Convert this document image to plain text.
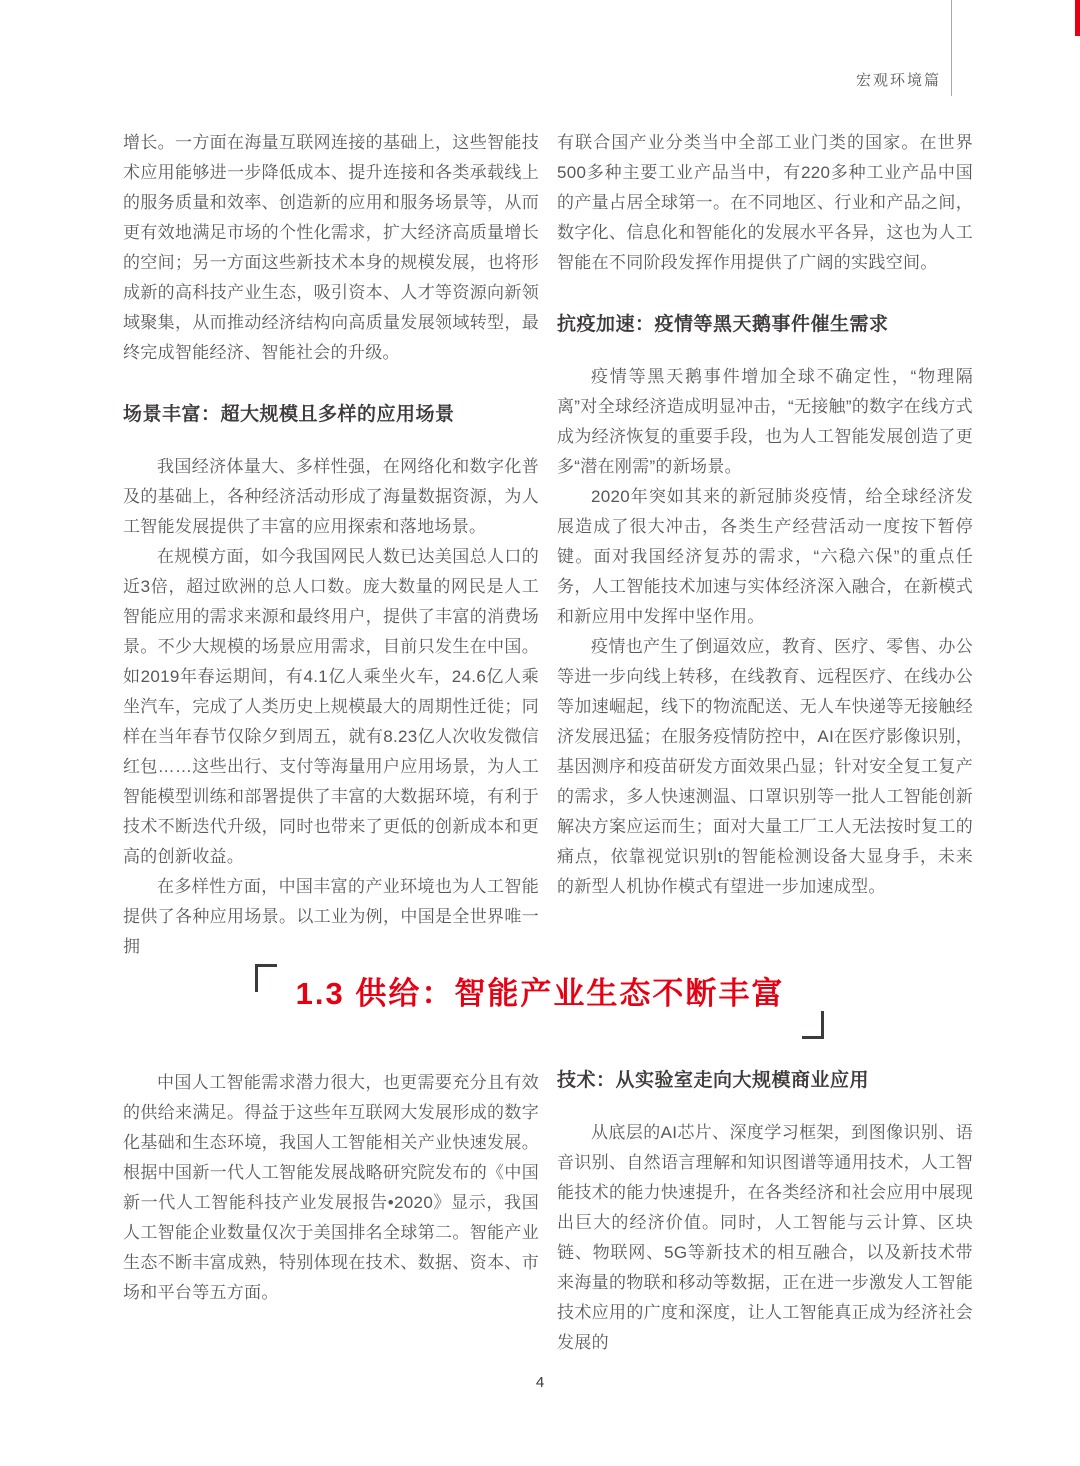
宏观环境篇

增长。一方面在海量互联网连接的基础上，这些智能技术应用能够进一步降低成本、提升连接和各类承载线上的服务质量和效率、创造新的应用和服务场景等，从而更有效地满足市场的个性化需求，扩大经济高质量增长的空间；另一方面这些新技术本身的规模发展，也将形成新的高科技产业生态，吸引资本、人才等资源向新领域聚集，从而推动经济结构向高质量发展领域转型，最终完成智能经济、智能社会的升级。

场景丰富：超大规模且多样的应用场景

我国经济体量大、多样性强，在网络化和数字化普及的基础上，各种经济活动形成了海量数据资源，为人工智能发展提供了丰富的应用探索和落地场景。

在规模方面，如今我国网民人数已达美国总人口的近3倍，超过欧洲的总人口数。庞大数量的网民是人工智能应用的需求来源和最终用户，提供了丰富的消费场景。不少大规模的场景应用需求，目前只发生在中国。如2019年春运期间，有4.1亿人乘坐火车，24.6亿人乘坐汽车，完成了人类历史上规模最大的周期性迁徙；同样在当年春节仅除夕到周五，就有8.23亿人次收发微信红包……这些出行、支付等海量用户应用场景，为人工智能模型训练和部署提供了丰富的大数据环境，有利于技术不断迭代升级，同时也带来了更低的创新成本和更高的创新收益。

在多样性方面，中国丰富的产业环境也为人工智能提供了各种应用场景。以工业为例，中国是全世界唯一拥

有联合国产业分类当中全部工业门类的国家。在世界500多种主要工业产品当中，有220多种工业产品中国的产量占居全球第一。在不同地区、行业和产品之间，数字化、信息化和智能化的发展水平各异，这也为人工智能在不同阶段发挥作用提供了广阔的实践空间。

抗疫加速：疫情等黑天鹅事件催生需求

疫情等黑天鹅事件增加全球不确定性，“物理隔离”对全球经济造成明显冲击，“无接触”的数字在线方式成为经济恢复的重要手段，也为人工智能发展创造了更多“潜在刚需”的新场景。

2020年突如其来的新冠肺炎疫情，给全球经济发展造成了很大冲击，各类生产经营活动一度按下暂停键。面对我国经济复苏的需求，“六稳六保”的重点任务，人工智能技术加速与实体经济深入融合，在新模式和新应用中发挥中坚作用。

疫情也产生了倒逼效应，教育、医疗、零售、办公等进一步向线上转移，在线教育、远程医疗、在线办公等加速崛起，线下的物流配送、无人车快递等无接触经济发展迅猛；在服务疫情防控中，AI在医疗影像识别，基因测序和疫苗研发方面效果凸显；针对安全复工复产的需求，多人快速测温、口罩识别等一批人工智能创新解决方案应运而生；面对大量工厂工人无法按时复工的痛点，依靠视觉识别t的智能检测设备大显身手，未来的新型人机协作模式有望进一步加速成型。

1.3 供给：智能产业生态不断丰富

中国人工智能需求潜力很大，也更需要充分且有效的供给来满足。得益于这些年互联网大发展形成的数字化基础和生态环境，我国人工智能相关产业快速发展。根据中国新一代人工智能发展战略研究院发布的《中国新一代人工智能科技产业发展报告•2020》显示，我国人工智能企业数量仅次于美国排名全球第二。智能产业生态不断丰富成熟，特别体现在技术、数据、资本、市场和平台等五方面。

技术：从实验室走向大规模商业应用

从底层的AI芯片、深度学习框架，到图像识别、语音识别、自然语言理解和知识图谱等通用技术，人工智能技术的能力快速提升，在各类经济和社会应用中展现出巨大的经济价值。同时，人工智能与云计算、区块链、物联网、5G等新技术的相互融合，以及新技术带来海量的物联和移动等数据，正在进一步激发人工智能技术应用的广度和深度，让人工智能真正成为经济社会发展的

4
